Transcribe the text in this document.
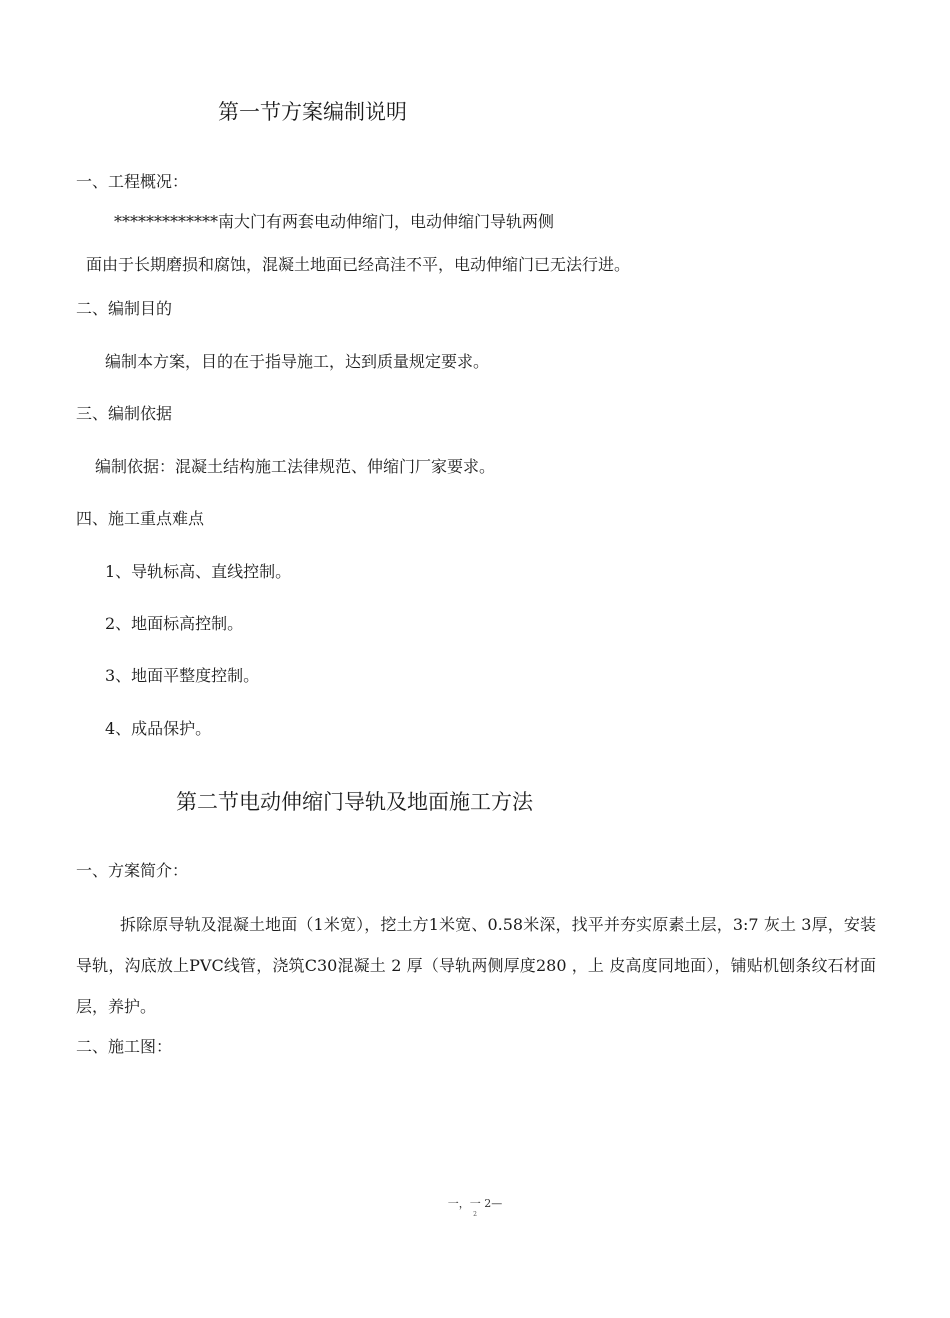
第一节方案编制说明
一、工程概况：
*************南大门有两套电动伸缩门，电动伸缩门导轨两侧
面由于长期磨损和腐蚀，混凝土地面已经高洼不平，电动伸缩门已无法行进。
二、编制目的
编制本方案，目的在于指导施工，达到质量规定要求。
三、编制依据
编制依据：混凝土结构施工法律规范、伸缩门厂家要求。
四、施工重点难点
1、导轨标高、直线控制。
2、地面标高控制。
3、地面平整度控制。
4、成品保护。
第二节电动伸缩门导轨及地面施工方法
一、方案简介：

拆除原导轨及混凝土地面（1米宽），挖土方1米宽、0.58米深，找平并夯实原素土层，3:7 灰土 3厚，安装导轨，沟底放上PVC线管，浇筑C30混凝土 2 厚（导轨两侧厚度280 ，上 皮高度同地面），铺贴机刨条纹石材面层，养护。

二、施工图：
一，一 2—
2
